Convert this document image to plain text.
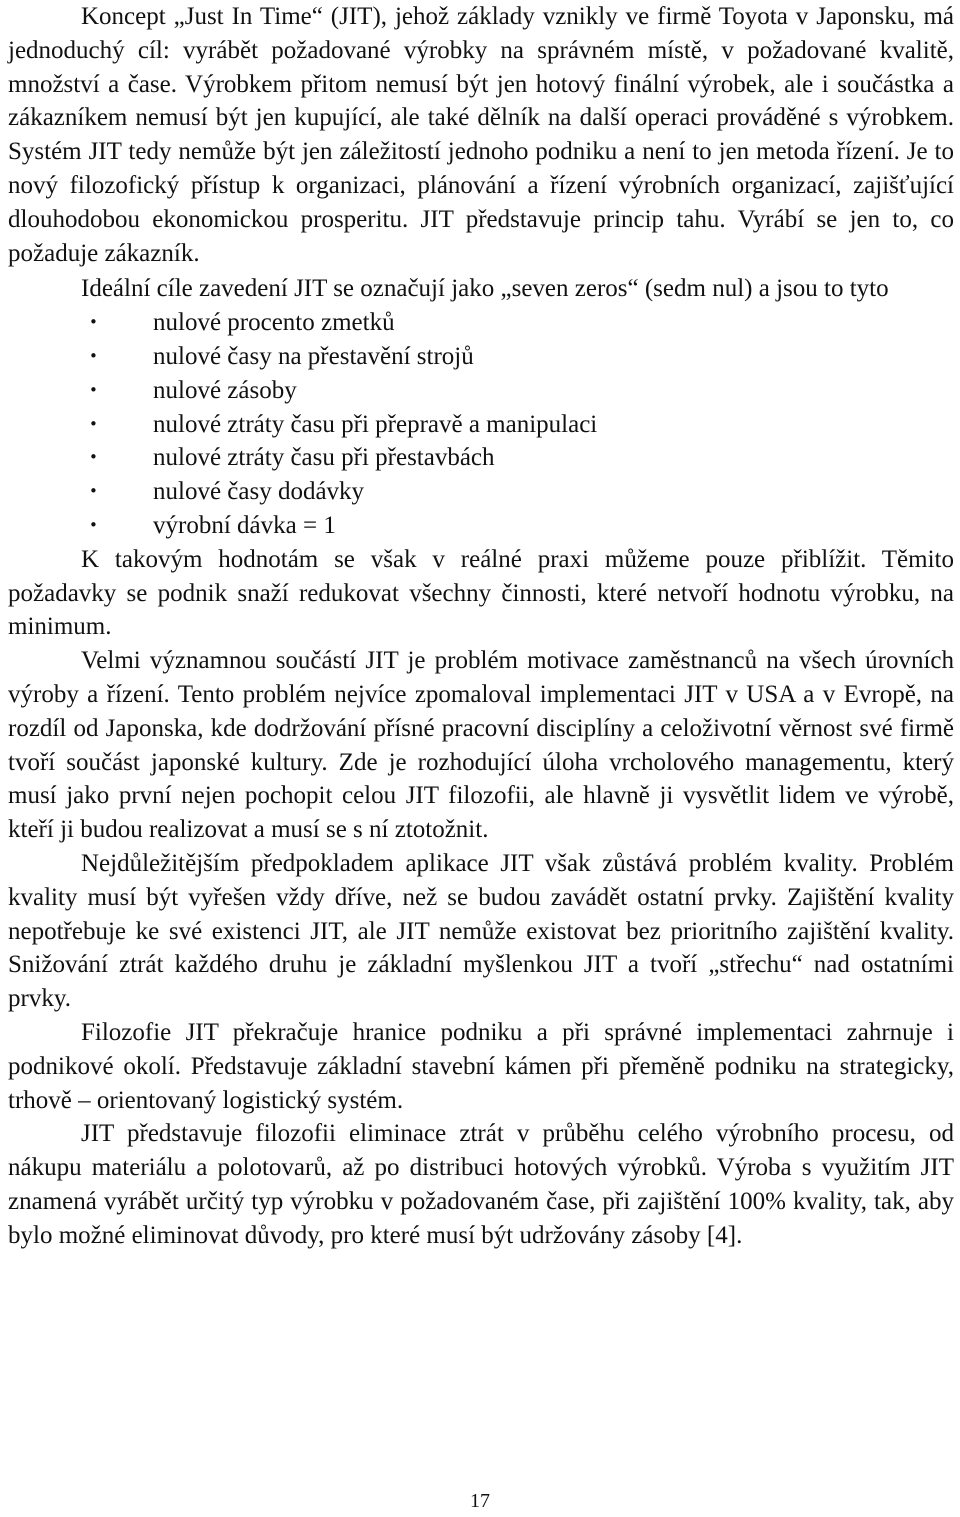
Koncept „Just In Time“ (JIT), jehož základy vznikly ve firmě Toyota v Japonsku, má jednoduchý cíl: vyrábět požadované výrobky na správném místě, v požadované kvalitě, množství a čase. Výrobkem přitom nemusí být jen hotový finální výrobek, ale i součástka a zákazníkem nemusí být jen kupující, ale také dělník na další operaci prováděné s výrobkem. Systém JIT tedy nemůže být jen záležitostí jednoho podniku a není to jen metoda řízení. Je to nový filozofický přístup k organizaci, plánování a řízení výrobních organizací, zajišťující dlouhodobou ekonomickou prosperitu. JIT představuje princip tahu. Vyrábí se jen to, co požaduje zákazník.

Ideální cíle zavedení JIT se označují jako „seven zeros“ (sedm nul) a jsou to tyto

• nulové procento zmetků
• nulové časy na přestavění strojů
• nulové zásoby
• nulové ztráty času při přepravě a manipulaci
• nulové ztráty času při přestavbách
• nulové časy dodávky
• výrobní dávka = 1

K takovým hodnotám se však v reálné praxi můžeme pouze přiblížit. Těmito požadavky se podnik snaží redukovat všechny činnosti, které netvoří hodnotu výrobku, na minimum.

Velmi významnou součástí JIT je problém motivace zaměstnanců na všech úrovních výroby a řízení. Tento problém nejvíce zpomaloval implementaci JIT v USA a v Evropě, na rozdíl od Japonska, kde dodržování přísné pracovní disciplíny a celoživotní věrnost své firmě tvoří součást japonské kultury. Zde je rozhodující úloha vrcholového managementu, který musí jako první nejen pochopit celou JIT filozofii, ale hlavně ji vysvětlit lidem ve výrobě, kteří ji budou realizovat a musí se s ní ztotožnit.

Nejdůležitějším předpokladem aplikace JIT však zůstává problém kvality. Problém kvality musí být vyřešen vždy dříve, než se budou zavádět ostatní prvky. Zajištění kvality nepotřebuje ke své existenci JIT, ale JIT nemůže existovat bez prioritního zajištění kvality. Snižování ztrát každého druhu je základní myšlenkou JIT a tvoří „střechu“ nad ostatními prvky.

Filozofie JIT překračuje hranice podniku a při správné implementaci zahrnuje i podnikové okolí. Představuje základní stavební kámen při přeměně podniku na strategicky, trhově – orientovaný logistický systém.

JIT představuje filozofii eliminace ztrát v průběhu celého výrobního procesu, od nákupu materiálu a polotovarů, až po distribuci hotových výrobků. Výroba s využitím JIT znamená vyrábět určitý typ výrobku v požadovaném čase, při zajištění 100% kvality, tak, aby bylo možné eliminovat důvody, pro které musí být udržovány zásoby [4].

17
